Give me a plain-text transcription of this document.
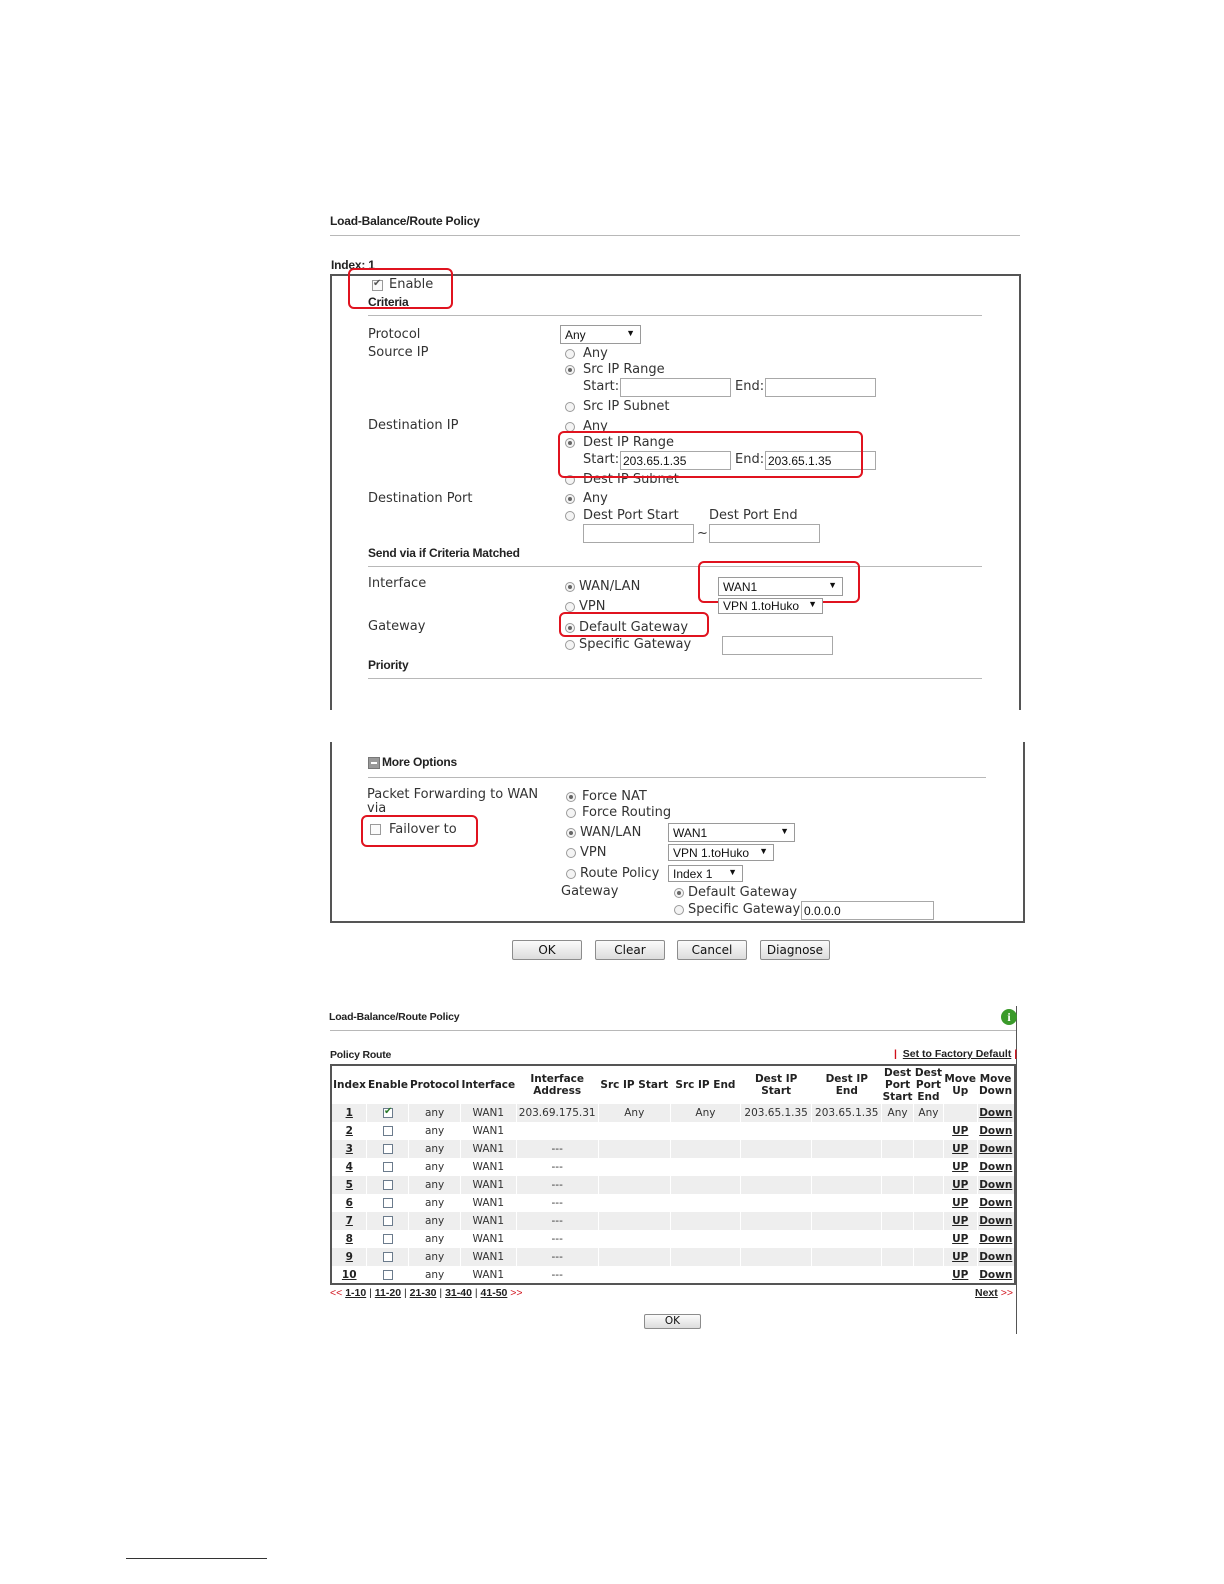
Load-Balance/Route Policy
Index: 1
✔
Enable
Criteria
Protocol	Any	▼
Source IP	Any
Src IP Range
Start:	End:
Src IP Subnet
Destination IP	Any
Dest IP Range
Start: 203.65.1.35	End: 203.65.1.35
Dest IP Subnet
Destination Port	Any
Dest Port Start Dest Port End
~
Send via if Criteria Matched
Interface	WAN/LAN	WAN1	▼
VPN	VPN 1.toHuko ▼
Gateway	Default Gateway
Specific Gateway
Priority
More Options
Packet Forwarding to WAN via
Force NAT
Force Routing
Failover to	WAN/LAN	WAN1	▼
VPN	VPN 1.toHuko ▼
Route Policy	Index 1 ▼
Gateway	Default Gateway
Specific Gateway 0.0.0.0
OK	Clear	Cancel	Diagnose
Load-Balance/Route Policy	i
Policy Route	| Set to Factory Default |
Index	Enable	Protocol	Interface	Interface Address	Src IP Start	Src IP End	Dest IP Start	Dest IP End	Dest Port Start	Dest Port End	Move Up	Move Down
1	✔	any	WAN1	203.69.175.31	Any	Any	203.65.1.35	203.65.1.35	Any	Any		Down
2		any	WAN1								UP	Down
3		any	WAN1	---							UP	Down
4		any	WAN1	---							UP	Down
5		any	WAN1	---							UP	Down
6		any	WAN1	---							UP	Down
7		any	WAN1	---							UP	Down
8		any	WAN1	---							UP	Down
9		any	WAN1	---							UP	Down
10		any	WAN1	---							UP	Down
<< 1-10 | 11-20 | 21-30 | 31-40 | 41-50 >>	Next >>
OK
